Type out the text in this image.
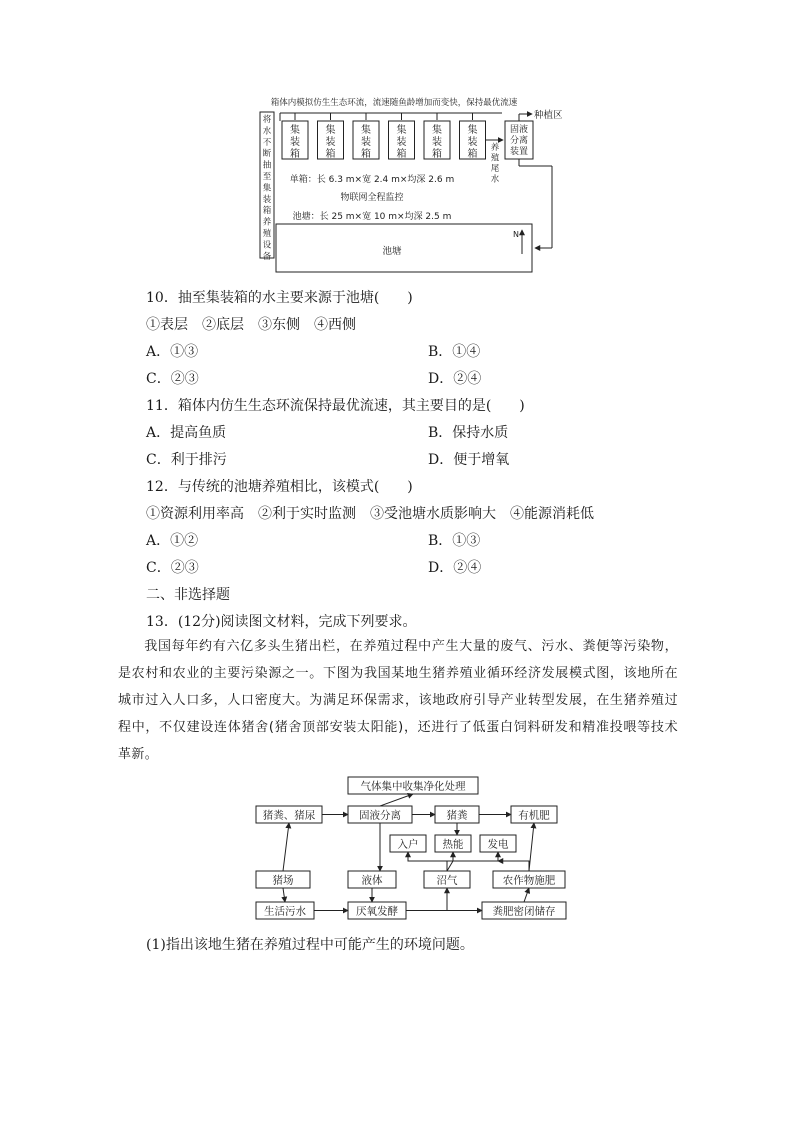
箱体内模拟仿生生态环流，流速随鱼龄增加而变快，保持最优流速
种植区
将水不断抽至集装箱养殖设备
集装箱
集装箱
集装箱
集装箱
集装箱
集装箱
固液
分离
装置
养殖尾水
单箱：长 6.3 m×宽 2.4 m×均深 2.6 m
物联网全程监控
池塘：长 25 m×宽 10 m×均深 2.5 m
池塘
N
10．抽至集装箱的水主要来源于池塘(　　)
①表层　②底层　③东侧　④西侧
A．①③	B．①④
C．②③	D．②④
11．箱体内仿生生态环流保持最优流速，其主要目的是(　　)
A．提高鱼质	B．保持水质
C．利于排污	D．便于增氧
12．与传统的池塘养殖相比，该模式(　　)
①资源利用率高　②利于实时监测　③受池塘水质影响大　④能源消耗低
A．①②	B．①③
C．②③	D．②④
二、非选择题
13．(12分)阅读图文材料，完成下列要求。
我国每年约有六亿多头生猪出栏，在养殖过程中产生大量的废气、污水、粪便等污染物，是农村和农业的主要污染源之一。下图为我国某地生猪养殖业循环经济发展模式图，该地所在城市过入人口多，人口密度大。为满足环保需求，该地政府引导产业转型发展，在生猪养殖过程中，不仅建设连体猪舍(猪舍顶部安装太阳能)，还进行了低蛋白饲料研发和精准投喂等技术革新。
气体集中收集净化处理
猪粪、猪尿	固液分离	猪粪	有机肥
入户 热能 发电
猪场	液体	沼气	农作物施肥
生活污水	厌氧发酵	粪肥密闭储存
(1)指出该地生猪在养殖过程中可能产生的环境问题。
